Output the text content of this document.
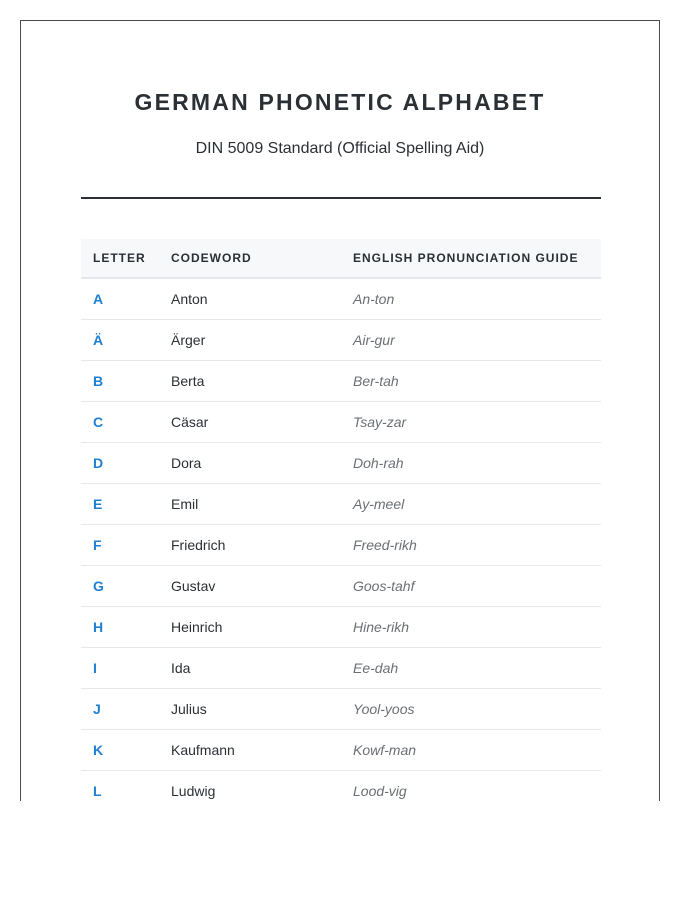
GERMAN PHONETIC ALPHABET
DIN 5009 Standard (Official Spelling Aid)
LETTER	CODEWORD	ENGLISH PRONUNCIATION GUIDE
A	Anton	An-ton
Ä	Ärger	Air-gur
B	Berta	Ber-tah
C	Cäsar	Tsay-zar
D	Dora	Doh-rah
E	Emil	Ay-meel
F	Friedrich	Freed-rikh
G	Gustav	Goos-tahf
H	Heinrich	Hine-rikh
I	Ida	Ee-dah
J	Julius	Yool-yoos
K	Kaufmann	Kowf-man
L	Ludwig	Lood-vig
